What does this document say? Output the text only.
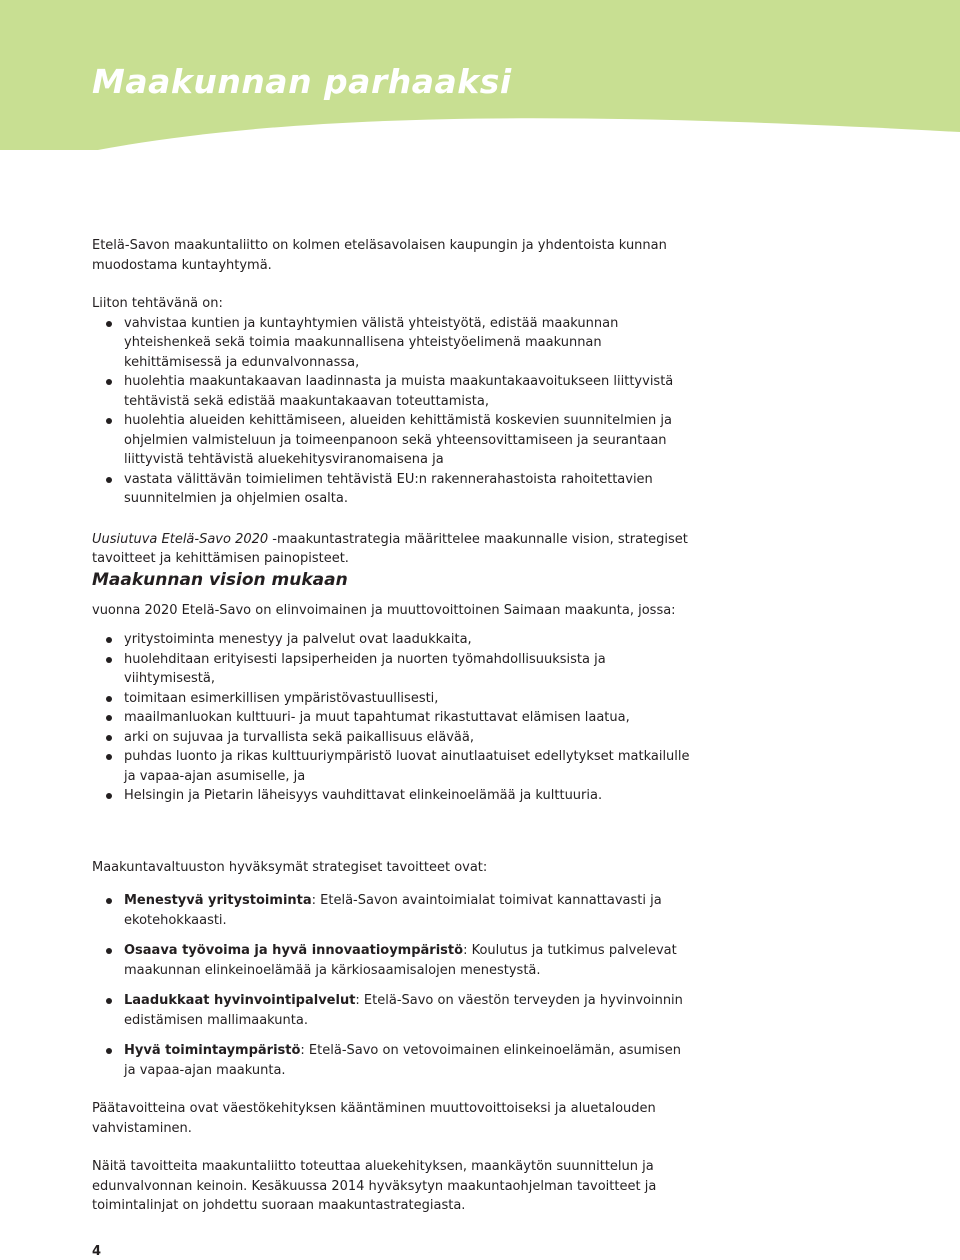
Maakunnan parhaaksi

Etelä-Savon maakuntaliitto on kolmen eteläsavolaisen kaupungin ja yhdentoista kunnan muodostama kuntayhtymä.

Liiton tehtävänä on:

vahvistaa kuntien ja kuntayhtymien välistä yhteistyötä, edistää maakunnan yhteishenkeä sekä toimia maakunnallisena yhteistyöelimenä maakunnan kehittämisessä ja edunvalvonnassa,
huolehtia maakuntakaavan laadinnasta ja muista maakuntakaavoitukseen liittyvistä tehtävistä sekä edistää maakuntakaavan toteuttamista,
huolehtia alueiden kehittämiseen, alueiden kehittämistä koskevien suunnitelmien ja ohjelmien valmisteluun ja toimeenpanoon sekä yhteensovittamiseen ja seurantaan liittyvistä tehtävistä aluekehitysviranomaisena ja
vastata välittävän toimielimen tehtävistä EU:n rakennerahastoista rahoitettavien suunnitelmien ja ohjelmien osalta.

Uusiutuva Etelä-Savo 2020 -maakuntastrategia määrittelee maakunnalle vision, strategiset tavoitteet ja kehittämisen painopisteet.

Maakunnan vision mukaan

vuonna 2020 Etelä-Savo on elinvoimainen ja muuttovoittoinen Saimaan maakunta, jossa:

yritystoiminta menestyy ja palvelut ovat laadukkaita,
huolehditaan erityisesti lapsiperheiden ja nuorten työmahdollisuuksista ja viihtymisestä,
toimitaan esimerkillisen ympäristövastuullisesti,
maailmanluokan kulttuuri- ja muut tapahtumat rikastuttavat elämisen laatua,
arki on sujuvaa ja turvallista sekä paikallisuus elävää,
puhdas luonto ja rikas kulttuuriympäristö luovat ainutlaatuiset edellytykset matkailulle ja vapaa-ajan asumiselle, ja
Helsingin ja Pietarin läheisyys vauhdittavat elinkeinoelämää ja kulttuuria.

Maakuntavaltuuston hyväksymät strategiset tavoitteet ovat:

Menestyvä yritystoiminta: Etelä-Savon avaintoimialat toimivat kannattavasti ja ekotehokkaasti.
Osaava työvoima ja hyvä innovaatioympäristö: Koulutus ja tutkimus palvelevat maakunnan elinkeinoelämää ja kärkiosaamisalojen menestystä.
Laadukkaat hyvinvointipalvelut: Etelä-Savo on väestön terveyden ja hyvinvoinnin edistämisen mallimaakunta.
Hyvä toimintaympäristö: Etelä-Savo on vetovoimainen elinkeinoelämän, asumisen ja vapaa-ajan maakunta.

Päätavoitteina ovat väestökehityksen kääntäminen muuttovoittoiseksi ja aluetalouden vahvistaminen.

Näitä tavoitteita maakuntaliitto toteuttaa aluekehityksen, maankäytön suunnittelun ja edunvalvonnan keinoin. Kesäkuussa 2014 hyväksytyn maakuntaohjelman tavoitteet ja toimintalinjat on johdettu suoraan maakuntastrategiasta.

4
